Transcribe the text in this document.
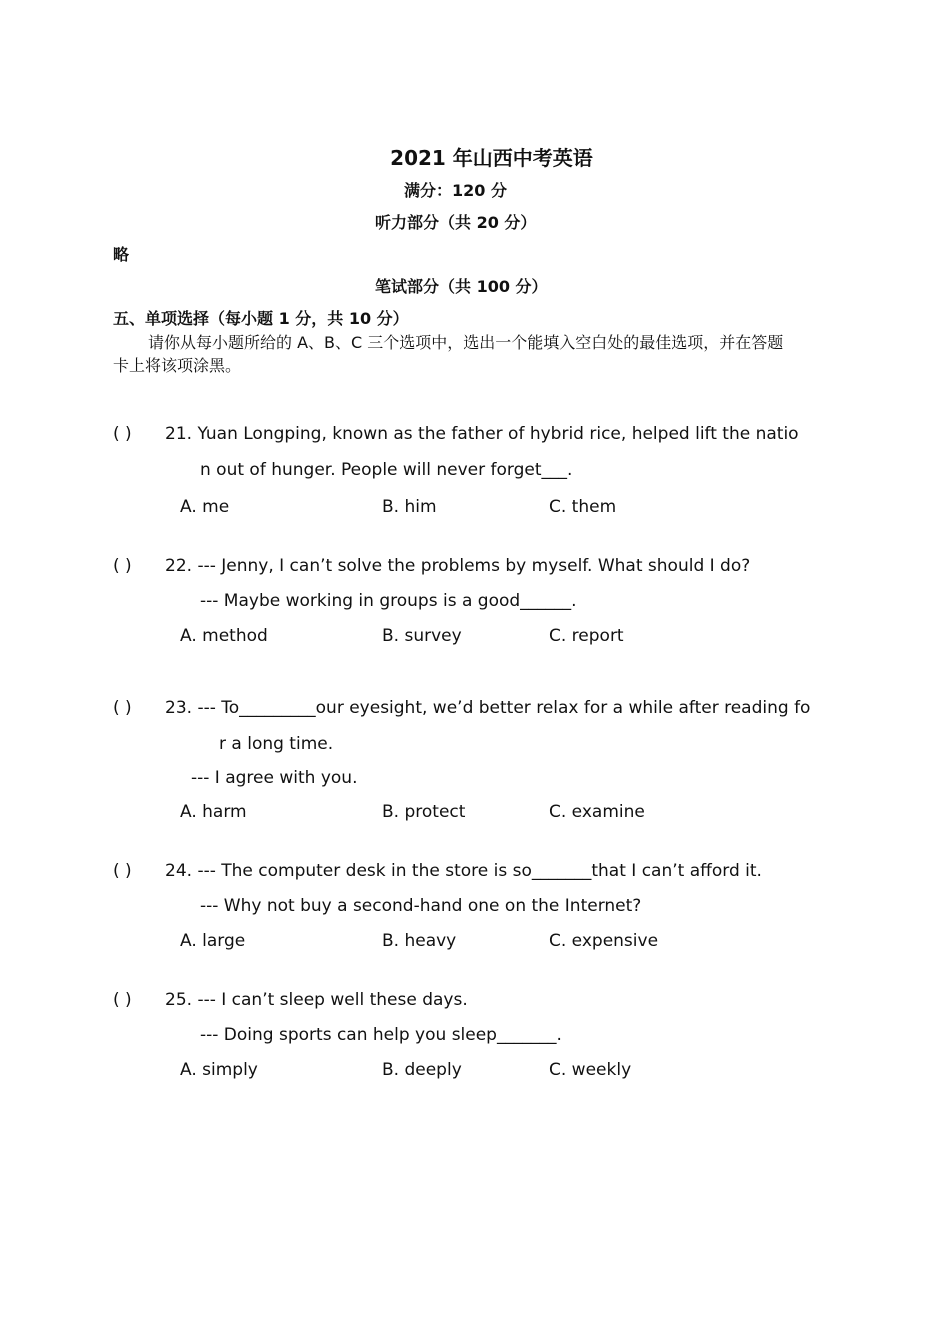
2021 年山西中考英语
满分：120 分
听力部分（共 20 分）
略
笔试部分（共 100 分）
五、单项选择（每小题 1 分，共 10 分）
请你从每小题所给的 A、B、C 三个选项中，选出一个能填入空白处的最佳选项，并在答题
卡上将该项涂黑。
( ) 21. Yuan Longping, known as the father of hybrid rice, helped lift the natio
n out of hunger. People will never forget___.
A. me	B. him	C. them
( ) 22. --- Jenny, I can’t solve the problems by myself. What should I do?
--- Maybe working in groups is a good______.
A. method	B. survey	C. report
( ) 23. --- To_________our eyesight, we’d better relax for a while after reading fo
r a long time.
--- I agree with you.
A. harm	B. protect	C. examine
( ) 24. --- The computer desk in the store is so_______that I can’t afford it.
--- Why not buy a second-hand one on the Internet?
A. large	B. heavy	C. expensive
( ) 25. --- I can’t sleep well these days.
--- Doing sports can help you sleep_______.
A. simply	B. deeply	C. weekly
